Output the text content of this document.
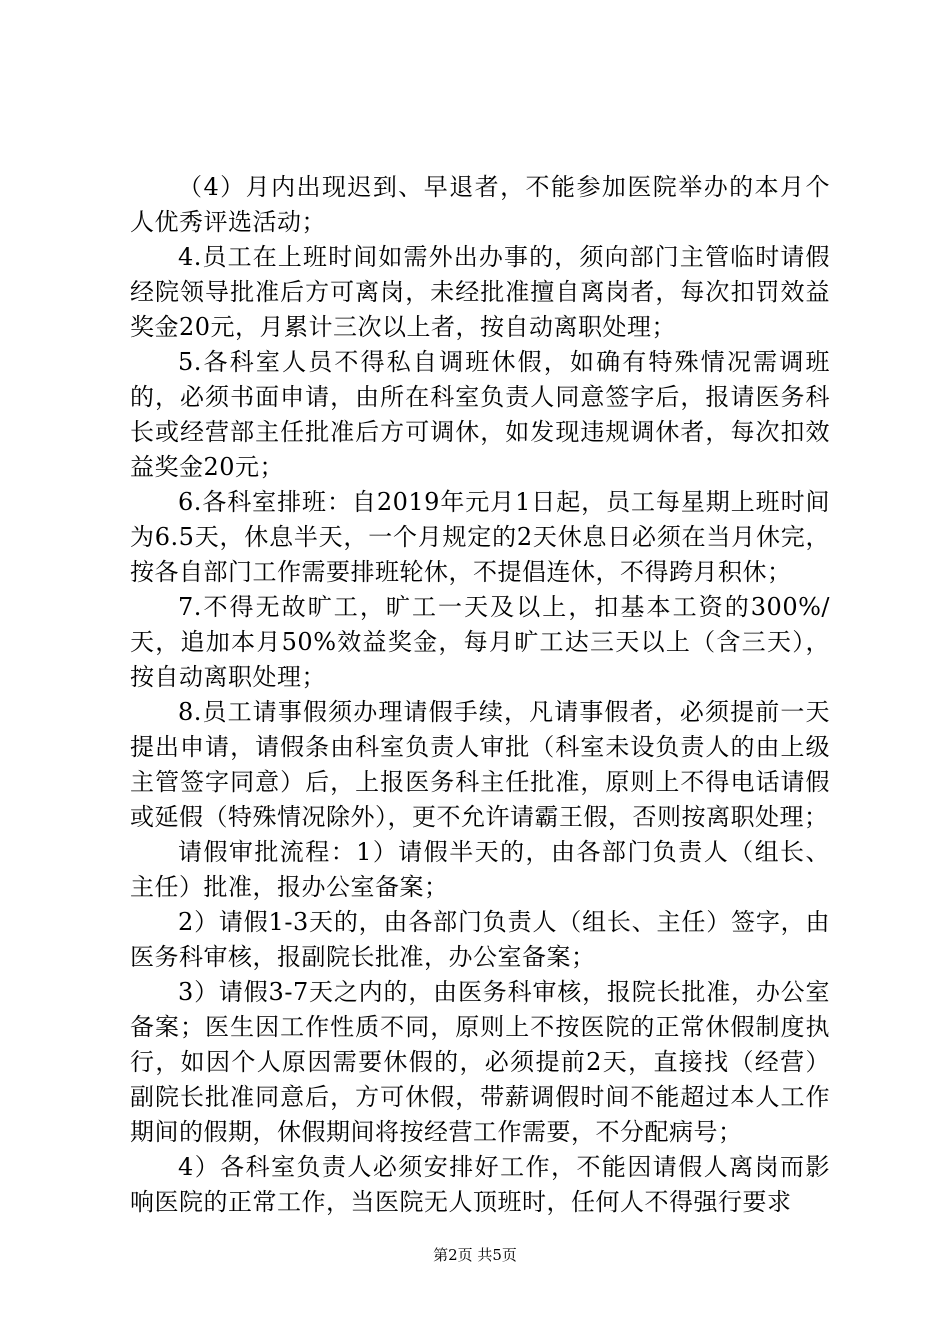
（4）月内出现迟到、早退者，不能参加医院举办的本月个人优秀评选活动；

4.员工在上班时间如需外出办事的，须向部门主管临时请假经院领导批准后方可离岗，未经批准擅自离岗者，每次扣罚效益奖金20元，月累计三次以上者，按自动离职处理；

5.各科室人员不得私自调班休假，如确有特殊情况需调班的，必须书面申请，由所在科室负责人同意签字后，报请医务科长或经营部主任批准后方可调休，如发现违规调休者，每次扣效益奖金20元；

6.各科室排班：自2019年元月1日起，员工每星期上班时间为6.5天，休息半天，一个月规定的2天休息日必须在当月休完，按各自部门工作需要排班轮休，不提倡连休，不得跨月积休；

7.不得无故旷工，旷工一天及以上，扣基本工资的300%/天，追加本月50%效益奖金，每月旷工达三天以上（含三天），按自动离职处理；

8.员工请事假须办理请假手续，凡请事假者，必须提前一天提出申请，请假条由科室负责人审批（科室未设负责人的由上级主管签字同意）后，上报医务科主任批准，原则上不得电话请假或延假（特殊情况除外），更不允许请霸王假，否则按离职处理；

请假审批流程：1）请假半天的，由各部门负责人（组长、主任）批准，报办公室备案；

2）请假1-3天的，由各部门负责人（组长、主任）签字，由医务科审核，报副院长批准，办公室备案；

3）请假3-7天之内的，由医务科审核，报院长批准，办公室备案；医生因工作性质不同，原则上不按医院的正常休假制度执行，如因个人原因需要休假的，必须提前2天，直接找（经营）副院长批准同意后，方可休假，带薪调假时间不能超过本人工作期间的假期，休假期间将按经营工作需要，不分配病号；

4）各科室负责人必须安排好工作，不能因请假人离岗而影响医院的正常工作，当医院无人顶班时，任何人不得强行要求

第2页 共5页
